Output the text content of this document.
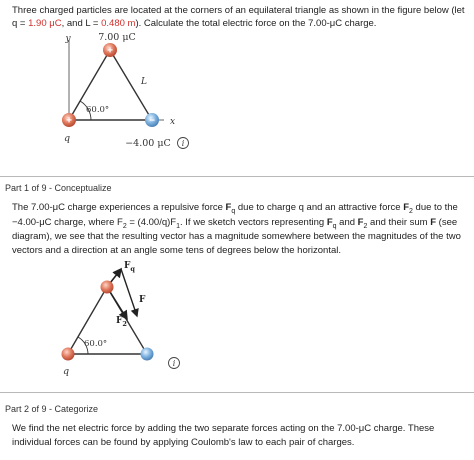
Three charged particles are located at the corners of an equilateral triangle as shown in the figure below (let
q = 1.90 μC, and L = 0.480 m). Calculate the total electric force on the 7.00-μC charge.
y
x
60.0°
L
+
7.00 μC
+
q
−
−4.00 μC i
Part 1 of 9 - Conceptualize
The 7.00-μC charge experiences a repulsive force $F_q$ due to charge q and an attractive force $F_2$ due to the
−4.00-μC charge, where $F_2 = (4.00/q)F_1$. If we sketch vectors representing $F_q$ and $F_2$ and their sum F (see
diagram), we see that the resulting vector has a magnitude somewhere between the magnitudes of the two
vectors and a direction at an angle some tens of degrees below the horizontal.
60.0°
$F_q$
F
$F_2$
q
i
Part 2 of 9 - Categorize
We find the net electric force by adding the two separate forces acting on the 7.00-μC charge. These
individual forces can be found by applying Coulomb's law to each pair of charges.
